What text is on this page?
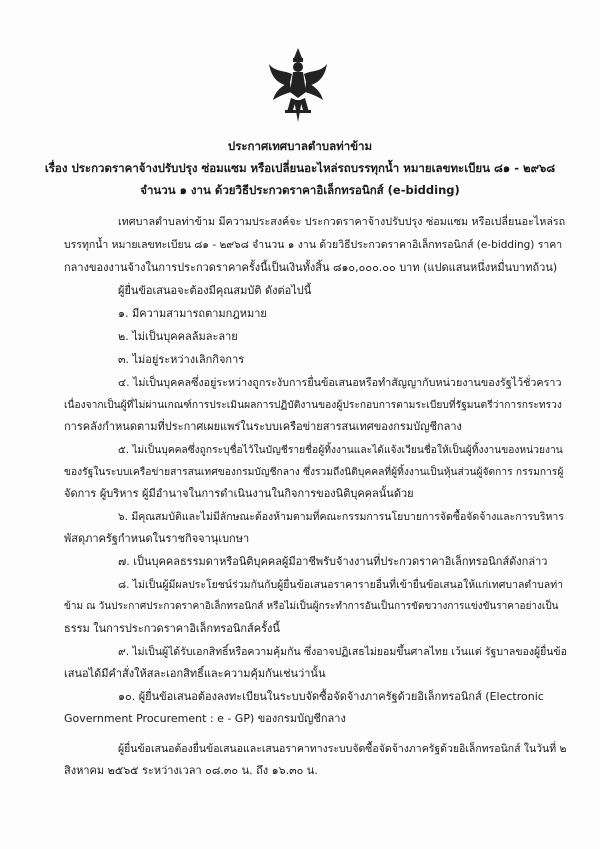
ประกาศเทศบาลตำบลท่าข้าม
เรื่อง ประกวดราคาจ้างปรับปรุง ซ่อมแซม หรือเปลี่ยนอะไหล่รถบรรทุกน้ำ หมายเลขทะเบียน ๘๑ - ๒๙๖๘
จำนวน ๑ งาน ด้วยวิธีประกวดราคาอิเล็กทรอนิกส์ (e-bidding)
เทศบาลตำบลท่าข้าม มีความประสงค์จะ ประกวดราคาจ้างปรับปรุง ซ่อมแซม หรือเปลี่ยนอะไหล่รถ
บรรทุกน้ำ หมายเลขทะเบียน ๘๑ - ๒๙๖๘ จำนวน ๑ งาน ด้วยวิธีประกวดราคาอิเล็กทรอนิกส์ (e-bidding) ราคา
กลางของงานจ้างในการประกวดราคาครั้งนี้เป็นเงินทั้งสิ้น ๘๑๐,๐๐๐.๐๐ บาท (แปดแสนหนึ่งหมื่นบาทถ้วน)
ผู้ยื่นข้อเสนอจะต้องมีคุณสมบัติ ดังต่อไปนี้
๑. มีความสามารถตามกฎหมาย
๒. ไม่เป็นบุคคลล้มละลาย
๓. ไม่อยู่ระหว่างเลิกกิจการ
๔. ไม่เป็นบุคคลซึ่งอยู่ระหว่างถูกระงับการยื่นข้อเสนอหรือทำสัญญากับหน่วยงานของรัฐไว้ชั่วคราว
เนื่องจากเป็นผู้ที่ไม่ผ่านเกณฑ์การประเมินผลการปฏิบัติงานของผู้ประกอบการตามระเบียบที่รัฐมนตรีว่าการกระทรวง
การคลังกำหนดตามที่ประกาศเผยแพร่ในระบบเครือข่ายสารสนเทศของกรมบัญชีกลาง
๕. ไม่เป็นบุคคลซึ่งถูกระบุชื่อไว้ในบัญชีรายชื่อผู้ทิ้งงานและได้แจ้งเวียนชื่อให้เป็นผู้ทิ้งงานของหน่วยงาน
ของรัฐในระบบเครือข่ายสารสนเทศของกรมบัญชีกลาง ซึ่งรวมถึงนิติบุคคลที่ผู้ทิ้งงานเป็นหุ้นส่วนผู้จัดการ กรรมการผู้
จัดการ ผู้บริหาร ผู้มีอำนาจในการดำเนินงานในกิจการของนิติบุคคลนั้นด้วย
๖. มีคุณสมบัติและไม่มีลักษณะต้องห้ามตามที่คณะกรรมการนโยบายการจัดซื้อจัดจ้างและการบริหาร
พัสดุภาครัฐกำหนดในราชกิจจานุเบกษา
๗. เป็นบุคคลธรรมดาหรือนิติบุคคลผู้มีอาชีพรับจ้างงานที่ประกวดราคาอิเล็กทรอนิกส์ดังกล่าว
๘. ไม่เป็นผู้มีผลประโยชน์ร่วมกันกับผู้ยื่นข้อเสนอราคารายอื่นที่เข้ายื่นข้อเสนอให้แก่เทศบาลตำบลท่า
ข้าม ณ วันประกาศประกวดราคาอิเล็กทรอนิกส์ หรือไม่เป็นผู้กระทำการอันเป็นการขัดขวางการแข่งขันราคาอย่างเป็น
ธรรม ในการประกวดราคาอิเล็กทรอนิกส์ครั้งนี้
๙. ไม่เป็นผู้ได้รับเอกสิทธิ์หรือความคุ้มกัน ซึ่งอาจปฏิเสธไม่ยอมขึ้นศาลไทย เว้นแต่ รัฐบาลของผู้ยื่นข้อ
เสนอได้มีคำสั่งให้สละเอกสิทธิ์และความคุ้มกันเช่นว่านั้น
๑๐. ผู้ยื่นข้อเสนอต้องลงทะเบียนในระบบจัดซื้อจัดจ้างภาครัฐด้วยอิเล็กทรอนิกส์ (Electronic
Government Procurement : e - GP) ของกรมบัญชีกลาง
ผู้ยื่นข้อเสนอต้องยื่นข้อเสนอและเสนอราคาทางระบบจัดซื้อจัดจ้างภาครัฐด้วยอิเล็กทรอนิกส์ ในวันที่ ๒
สิงหาคม ๒๕๖๕ ระหว่างเวลา ๐๘.๓๐ น. ถึง ๑๖.๓๐ น.
